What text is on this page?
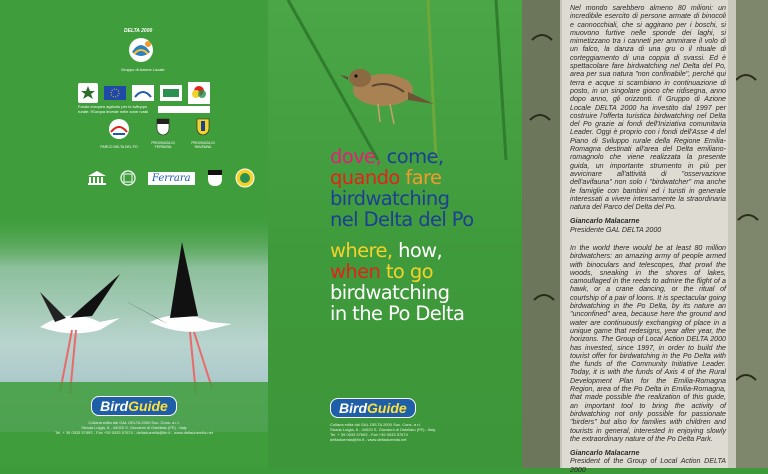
DELTA 2000
Gruppo di Azione Locale
Fondo europeo agricolo per lo sviluppo
rurale: l'Europa investe nelle zone rurali
PARCO DELTA DEL PO
PROVINCIA DI FERRARA
PROVINCIA DI RAVENNA
Ferrara
BirdGuide
Collana edita dal GAL DELTA 2000 Soc. Cons. a r.l.
Strada Luigia, 8 - 44020 S. Giovanni di Ostellato (FE) - Italy
Tel. + 39 0533 57693 - Fax +39 0533 57674 - deltaduemila@tin.it - www.deltaduemila.net
dove, come,
quando fare
birdwatching
nel Delta del Po
where, how,
when to go
birdwatching
in the Po Delta
BirdGuide
Collana edita dal GAL DELTA 2000 Soc. Cons. a r.l.
Strada Luigia, 8 - 44020 S. Giovanni di Ostellato (FE) - Italy
Tel. + 39 0533 57693 - Fax +39 0533 57674
deltaduemila@tin.it - www.deltaduemila.net
Nel mondo sarebbero almeno 80 milioni: un incredibile esercito di persone armate di binocoli e cannocchiali, che si aggirano per i boschi, si muovono furtive nelle sponde dei laghi, si mimetizzano tra i canneti per ammirare il volo di un falco, la danza di una gru o il rituale di corteggiamento di una coppia di svassi. Ed è spettacolare fare birdwatching nel Delta del Po, area per sua natura "non confinabile", perché qui terra e acque si scambiano in continuazione di posto, in un singolare gioco che ridisegna, anno dopo anno, gli orizzonti. Il Gruppo di Azione Locale DELTA 2000 ha investito dal 1997 per costruire l'offerta turistica birdwatching nel Delta del Po grazie ai fondi dell'Iniziativa comunitaria Leader. Oggi è proprio con i fondi dell'Asse 4 del Piano di Sviluppo rurale della Regione Emilia-Romagna destinati all'area del Delta emiliano-romagnolo che viene realizzata la presente guida, un importante strumento in più per avvicinare all'attività di "osservazione dell'avifauna" non solo i "birdwatcher" ma anche le famiglie con bambini ed i turisti in generale interessati a vivere intensamente la straordinaria natura del Parco del Delta del Po.
Giancarlo Malacarne
Presidente GAL DELTA 2000
In the world there would be at least 80 million birdwatchers: an amazing army of people armed with binoculars and telescopes, that prowl the woods, sneaking in the shores of lakes, camouflaged in the reeds to admire the flight of a hawk, or a crane dancing, or the ritual of courtship of a pair of loons. It is spectacular going birdwatching in the Po Delta, by its nature an "unconfined" area, because here the ground and water are continuously exchanging of place in a unique game that redesigns, year after year, the horizons. The Group of Local Action DELTA 2000 has invested, since 1997, in order to build the tourist offer for birdwatching in the Po Delta with the funds of the Community Initiative Leader. Today, it is with the funds of Axis 4 of the Rural Development Plan for the Emilia-Romagna Region, area of the Po Delta in Emilia-Romagna, that made possible the realization of this guide, an important tool to bring the activity of birdwatching not only possible for passionate "birders" but also for families with children and tourists in general, interested in enjoying slowly the extraordinary nature of the Po Delta Park.
Giancarlo Malacarne
President of the Group of Local Action DELTA 2000
